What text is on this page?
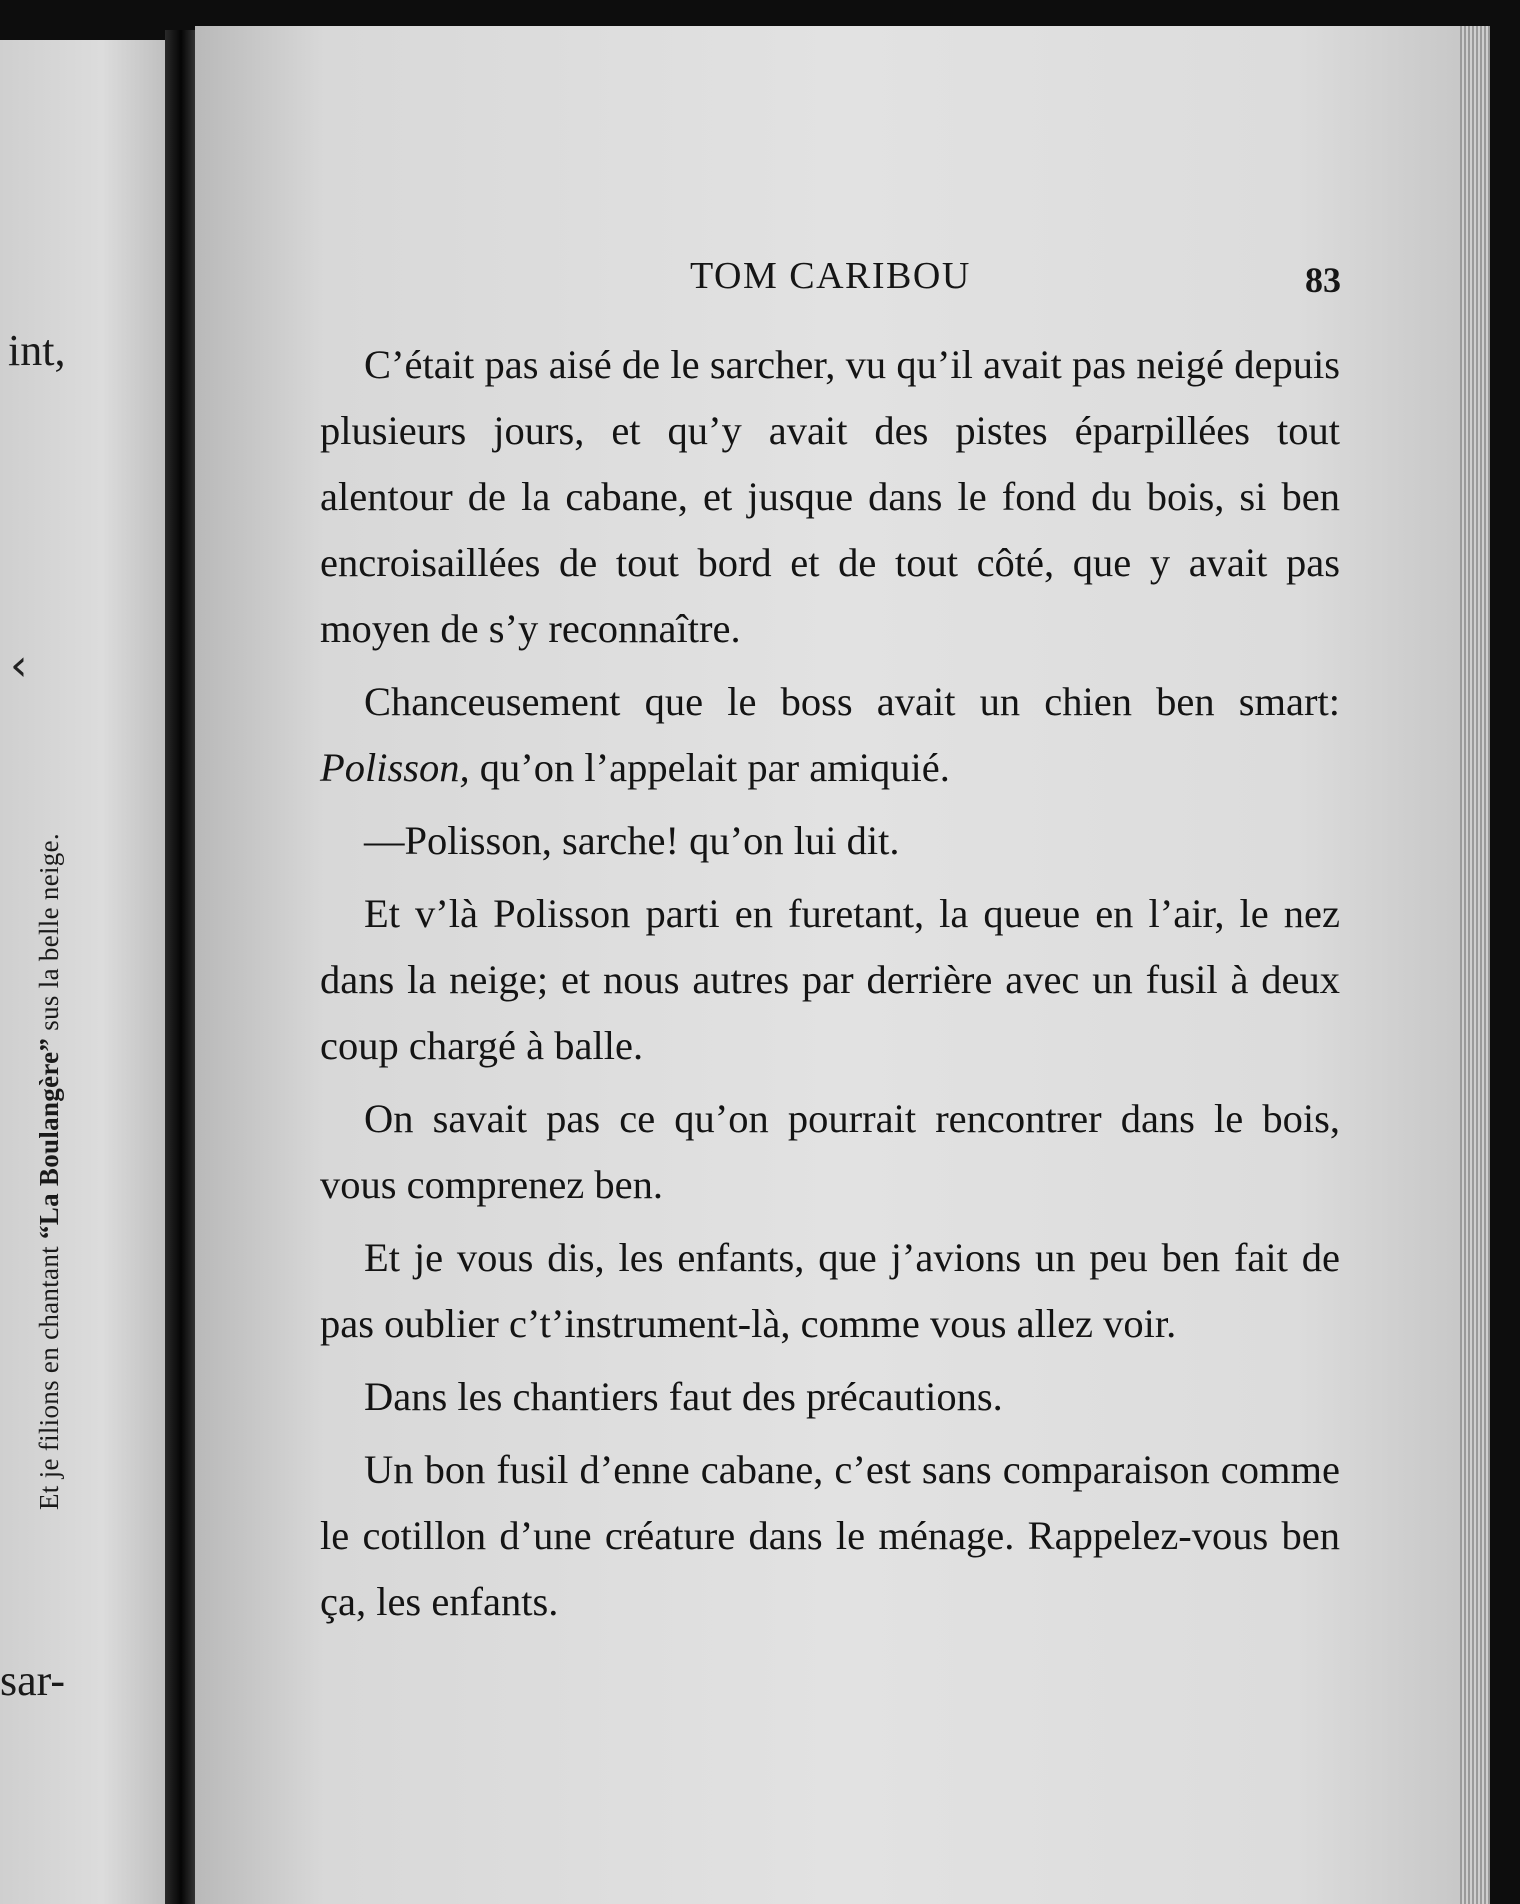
int,
‹
Et je filions en chantant “La Boulangère” sus la belle neige.
sar-
TOM CARIBOU	83

C’était pas aisé de le sarcher, vu qu’il avait pas neigé depuis plusieurs jours, et qu’y avait des pistes éparpillées tout alentour de la cabane, et jusque dans le fond du bois, si ben encroisaillées de tout bord et de tout côté, que y avait pas moyen de s’y reconnaître.

Chanceusement que le boss avait un chien ben smart: Polisson, qu’on l’appelait par amiquié.

—Polisson, sarche! qu’on lui dit.

Et v’là Polisson parti en furetant, la queue en l’air, le nez dans la neige; et nous autres par derrière avec un fusil à deux coup chargé à balle.

On savait pas ce qu’on pourrait rencontrer dans le bois, vous comprenez ben.

Et je vous dis, les enfants, que j’avions un peu ben fait de pas oublier c’t’instrument-là, comme vous allez voir.

Dans les chantiers faut des précautions.

Un bon fusil d’enne cabane, c’est sans comparaison comme le cotillon d’une créature dans le ménage. Rappelez-vous ben ça, les enfants.
